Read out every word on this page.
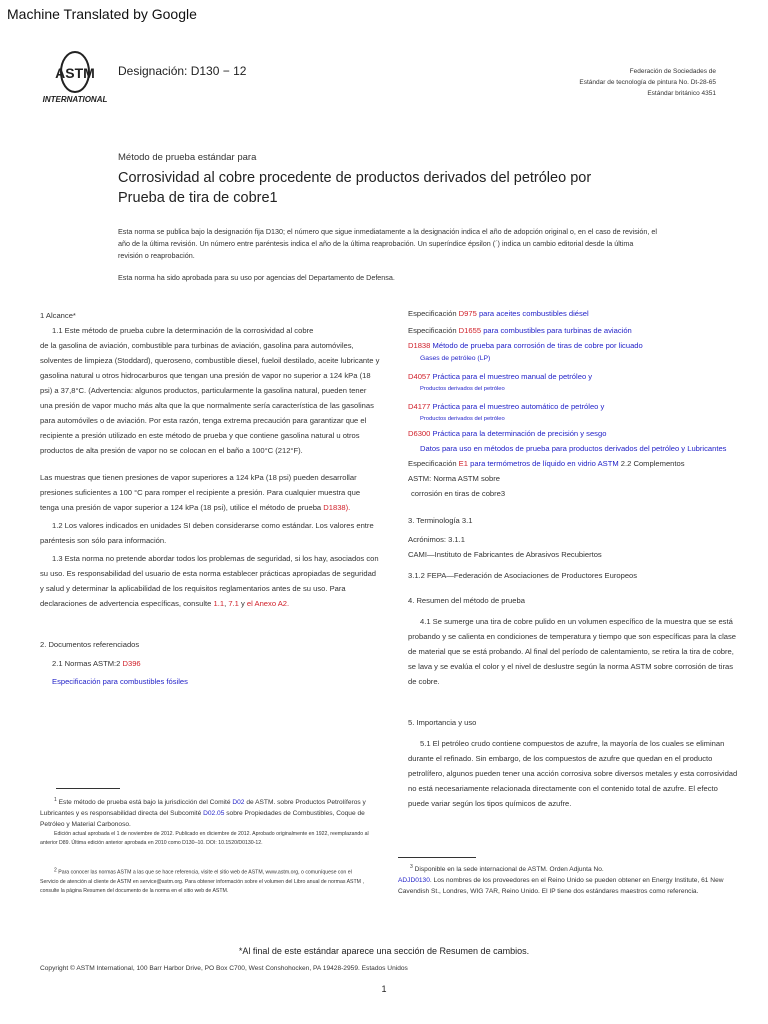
Machine Translated by Google
ASTM
INTERNATIONAL
Designación: D130 − 12	Federación de Sociedades de
Estándar de tecnología de pintura No. Dt-28-65
Estándar británico 4351
Método de prueba estándar para
Corrosividad al cobre procedente de productos derivados del petróleo por
Prueba de tira de cobre1

Esta norma se publica bajo la designación fija D130; el número que sigue inmediatamente a la designación indica el año de adopción original o, en el caso de revisión, el año de la última revisión. Un número entre paréntesis indica el año de la última reaprobación. Un superíndice épsilon (´) indica un cambio editorial desde la última revisión o reaprobación.

Esta norma ha sido aprobada para su uso por agencias del Departamento de Defensa.

1 Alcance*

1.1 Este método de prueba cubre la determinación de la corrosividad al cobre

de la gasolina de aviación, combustible para turbinas de aviación, gasolina para automóviles, solventes de limpieza (Stoddard), queroseno, combustible diesel, fueloil destilado, aceite lubricante y gasolina natural u otros hidrocarburos que tengan una presión de vapor no superior a 124 kPa (18 psi) a 37,8°C. (Advertencia: algunos productos, particularmente la gasolina natural, pueden tener una presión de vapor mucho más alta que la que normalmente sería característica de las gasolinas para automóviles o de aviación. Por esta razón, tenga extrema precaución para garantizar que el recipiente a presión utilizado en este método de prueba y que contiene gasolina natural u otros productos de alta presión de vapor no se colocan en el baño a 100°C (212°F).

Las muestras que tienen presiones de vapor superiores a 124 kPa (18 psi) pueden desarrollar presiones suficientes a 100 °C para romper el recipiente a presión. Para cualquier muestra que tenga una presión de vapor superior a 124 kPa (18 psi), utilice el método de prueba D1838).

1.2 Los valores indicados en unidades SI deben considerarse como estándar. Los valores entre paréntesis son sólo para información.

1.3 Esta norma no pretende abordar todos los problemas de seguridad, si los hay, asociados con su uso. Es responsabilidad del usuario de esta norma establecer prácticas apropiadas de seguridad y salud y determinar la aplicabilidad de los requisitos reglamentarios antes de su uso. Para declaraciones de advertencia específicas, consulte 1.1, 7.1 y el Anexo A2.

2. Documentos referenciados

2.1 Normas ASTM:2 D396

Especificación para combustibles fósiles

Especificación D975 para aceites combustibles diésel

Especificación D1655 para combustibles para turbinas de aviación

D1838 Método de prueba para corrosión de tiras de cobre por licuado

Gases de petróleo (LP)

D4057 Práctica para el muestreo manual de petróleo y

Productos derivados del petróleo

D4177 Práctica para el muestreo automático de petróleo y

Productos derivados del petróleo

D6300 Práctica para la determinación de precisión y sesgo

Datos para uso en métodos de prueba para productos derivados del petróleo y Lubricantes

Especificación E1 para termómetros de líquido en vidrio ASTM 2.2 Complementos

ASTM: Norma ASTM sobre

corrosión en tiras de cobre3

3. Terminología 3.1

Acrónimos: 3.1.1

CAMI—Instituto de Fabricantes de Abrasivos Recubiertos

3.1.2 FEPA—Federación de Asociaciones de Productores Europeos

4. Resumen del método de prueba

4.1 Se sumerge una tira de cobre pulido en un volumen específico de la muestra que se está probando y se calienta en condiciones de temperatura y tiempo que son específicas para la clase de material que se está probando. Al final del período de calentamiento, se retira la tira de cobre, se lava y se evalúa el color y el nivel de deslustre según la norma ASTM sobre corrosión de tiras de cobre.

5. Importancia y uso

5.1 El petróleo crudo contiene compuestos de azufre, la mayoría de los cuales se eliminan durante el refinado. Sin embargo, de los compuestos de azufre que quedan en el producto petrolífero, algunos pueden tener una acción corrosiva sobre diversos metales y esta corrosividad no está necesariamente relacionada directamente con el contenido total de azufre. El efecto puede variar según los tipos químicos de azufre.

$^1$ Este método de prueba está bajo la jurisdicción del Comité D02 de ASTM. sobre Productos Petrolíferos y Lubricantes y es responsabilidad directa del Subcomité D02.05 sobre Propiedades de Combustibles, Coque de Petróleo y Material Carbonoso.
Edición actual aprobada el 1 de noviembre de 2012. Publicado en diciembre de 2012. Aprobado originalmente en 1922, reemplazando al anterior D89. Última edición anterior aprobada en 2010 como D130–10. DOI: 10.1520/D0130-12.
$^2$ Para conocer las normas ASTM a las que se hace referencia, visite el sitio web de ASTM, www.astm.org, o comuníquese con el Servicio de atención al cliente de ASTM en service@astm.org. Para obtener información sobre el volumen del Libro anual de normas ASTM , consulte la página Resumen del documento de la norma en el sitio web de ASTM.
$^3$ Disponible en la sede internacional de ASTM. Orden Adjunta No.
ADJD0130. Los nombres de los proveedores en el Reino Unido se pueden obtener en Energy Institute, 61 New Cavendish St., Londres, WIG 7AR, Reino Unido. El IP tiene dos estándares maestros como referencia.
*Al final de este estándar aparece una sección de Resumen de cambios.
Copyright © ASTM International, 100 Barr Harbor Drive, PO Box C700, West Conshohocken, PA 19428-2959. Estados Unidos
1
